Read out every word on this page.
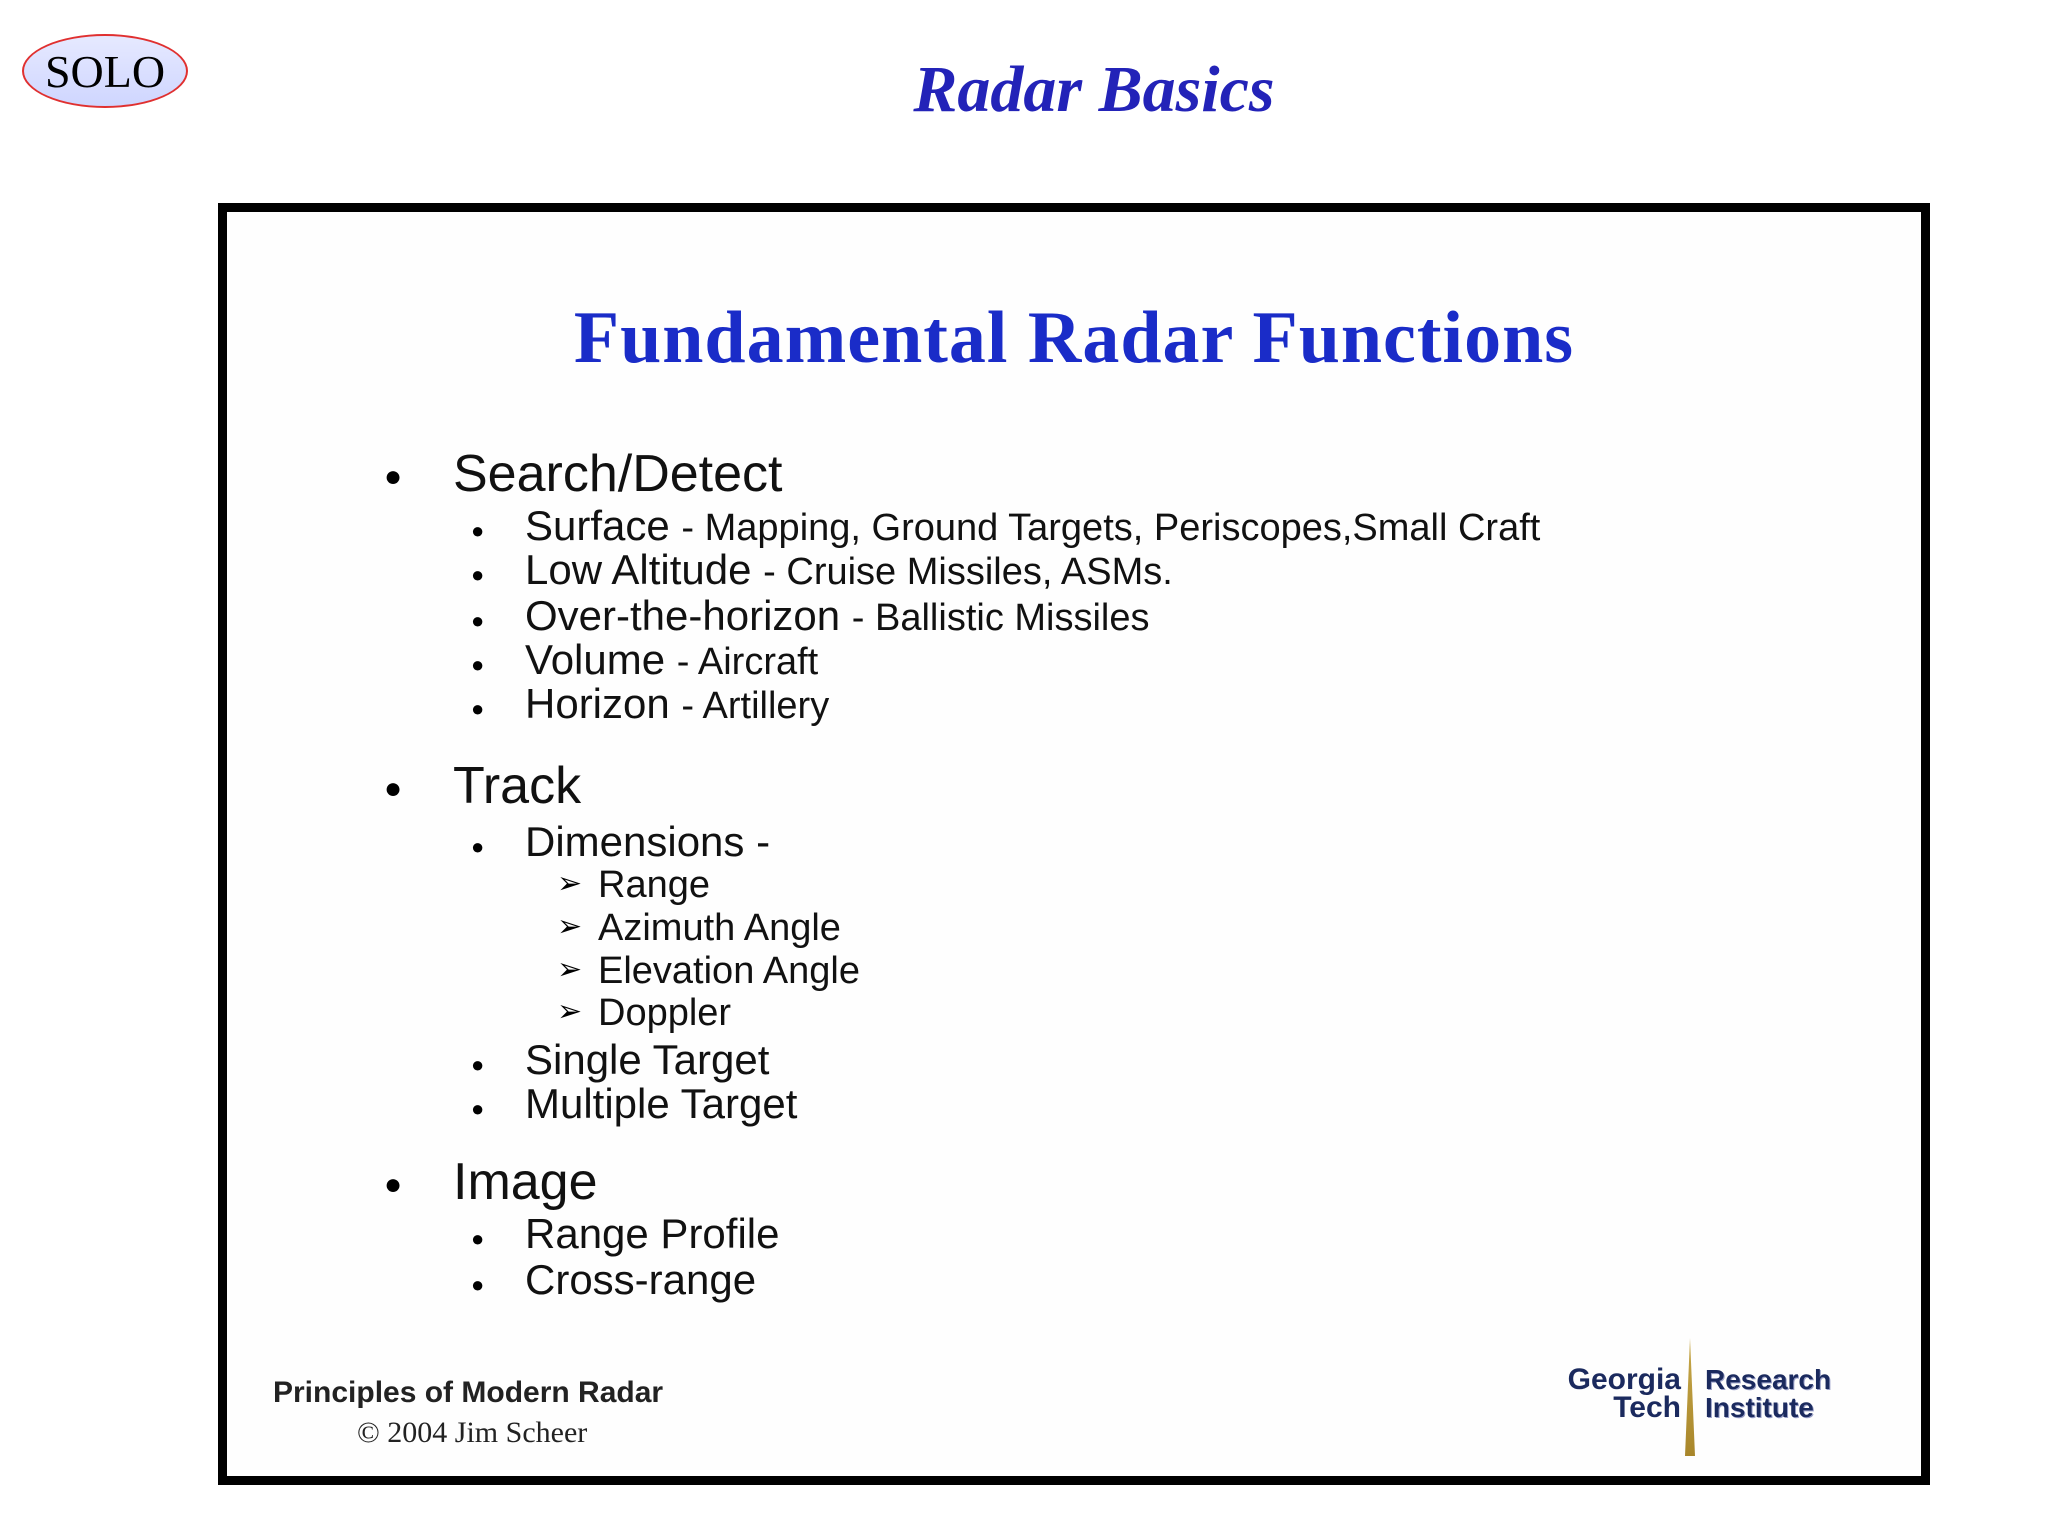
SOLO	Radar Basics
Fundamental Radar Functions
● Search/Detect
● Surface - Mapping, Ground Targets, Periscopes,Small Craft
● Low Altitude - Cruise Missiles, ASMs.
● Over-the-horizon - Ballistic Missiles
● Volume - Aircraft
● Horizon - Artillery
● Track
● Dimensions -
➢ Range
➢ Azimuth Angle
➢ Elevation Angle
➢ Doppler
● Single Target
● Multiple Target
● Image
● Range Profile
● Cross-range
Principles of Modern Radar
© 2004 Jim Scheer
Georgia
Tech
Research
Institute
